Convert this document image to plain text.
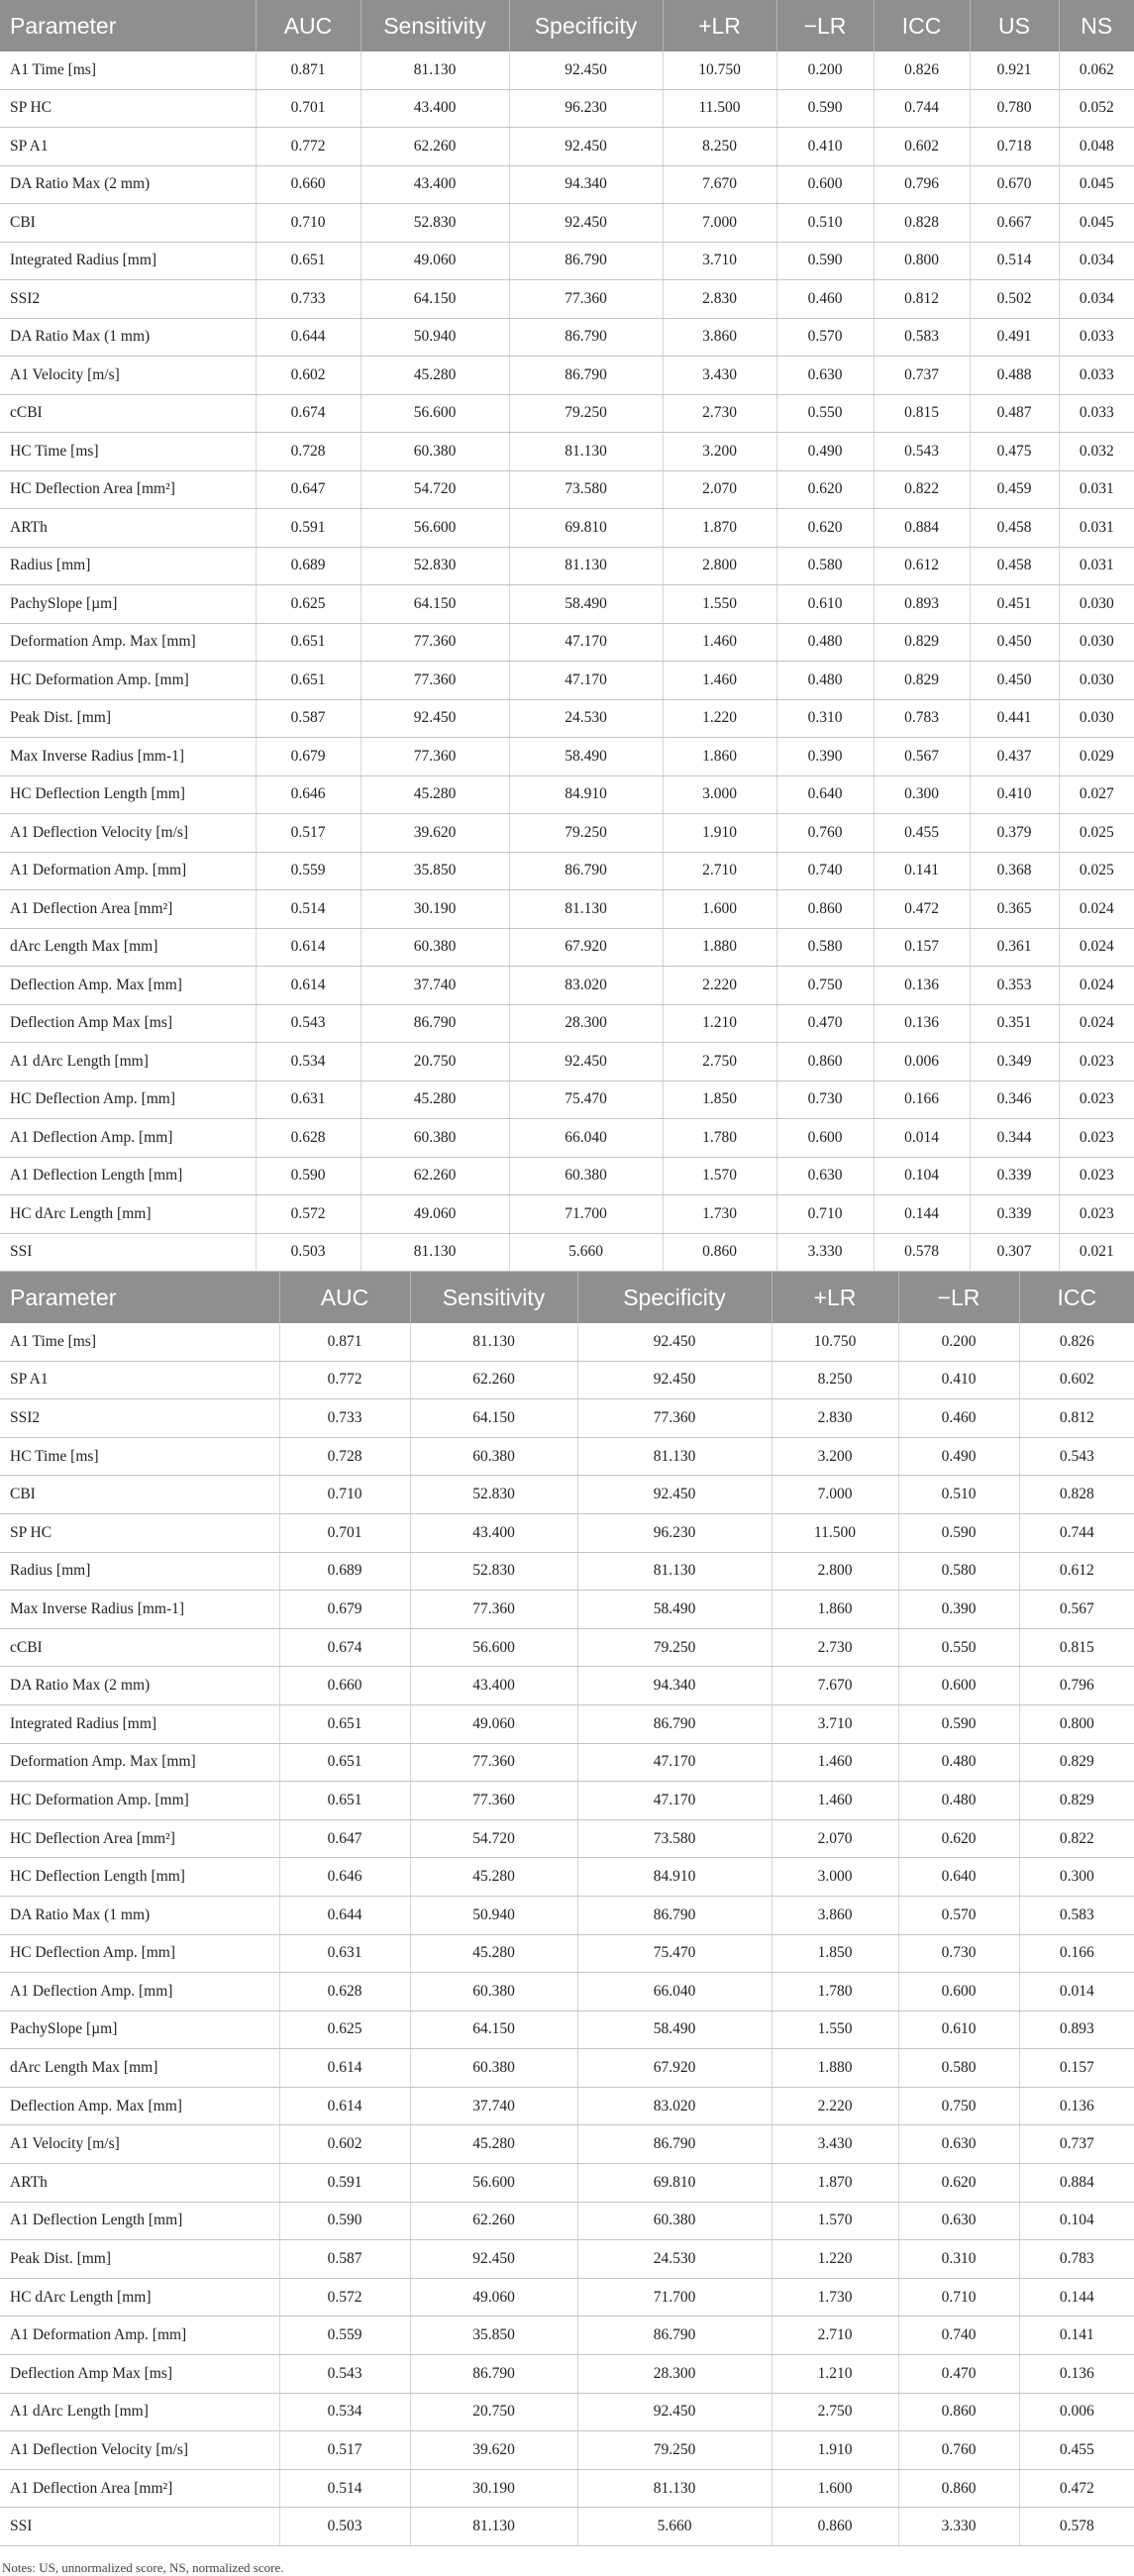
Parameter	AUC	Sensitivity	Specificity	+LR	−LR	ICC	US	NS
A1 Time [ms]	0.871	81.130	92.450	10.750	0.200	0.826	0.921	0.062
SP HC	0.701	43.400	96.230	11.500	0.590	0.744	0.780	0.052
SP A1	0.772	62.260	92.450	8.250	0.410	0.602	0.718	0.048
DA Ratio Max (2 mm)	0.660	43.400	94.340	7.670	0.600	0.796	0.670	0.045
CBI	0.710	52.830	92.450	7.000	0.510	0.828	0.667	0.045
Integrated Radius [mm]	0.651	49.060	86.790	3.710	0.590	0.800	0.514	0.034
SSI2	0.733	64.150	77.360	2.830	0.460	0.812	0.502	0.034
DA Ratio Max (1 mm)	0.644	50.940	86.790	3.860	0.570	0.583	0.491	0.033
A1 Velocity [m/s]	0.602	45.280	86.790	3.430	0.630	0.737	0.488	0.033
cCBI	0.674	56.600	79.250	2.730	0.550	0.815	0.487	0.033
HC Time [ms]	0.728	60.380	81.130	3.200	0.490	0.543	0.475	0.032
HC Deflection Area [mm²]	0.647	54.720	73.580	2.070	0.620	0.822	0.459	0.031
ARTh	0.591	56.600	69.810	1.870	0.620	0.884	0.458	0.031
Radius [mm]	0.689	52.830	81.130	2.800	0.580	0.612	0.458	0.031
PachySlope [µm]	0.625	64.150	58.490	1.550	0.610	0.893	0.451	0.030
Deformation Amp. Max [mm]	0.651	77.360	47.170	1.460	0.480	0.829	0.450	0.030
HC Deformation Amp. [mm]	0.651	77.360	47.170	1.460	0.480	0.829	0.450	0.030
Peak Dist. [mm]	0.587	92.450	24.530	1.220	0.310	0.783	0.441	0.030
Max Inverse Radius [mm-1]	0.679	77.360	58.490	1.860	0.390	0.567	0.437	0.029
HC Deflection Length [mm]	0.646	45.280	84.910	3.000	0.640	0.300	0.410	0.027
A1 Deflection Velocity [m/s]	0.517	39.620	79.250	1.910	0.760	0.455	0.379	0.025
A1 Deformation Amp. [mm]	0.559	35.850	86.790	2.710	0.740	0.141	0.368	0.025
A1 Deflection Area [mm²]	0.514	30.190	81.130	1.600	0.860	0.472	0.365	0.024
dArc Length Max [mm]	0.614	60.380	67.920	1.880	0.580	0.157	0.361	0.024
Deflection Amp. Max [mm]	0.614	37.740	83.020	2.220	0.750	0.136	0.353	0.024
Deflection Amp Max [ms]	0.543	86.790	28.300	1.210	0.470	0.136	0.351	0.024
A1 dArc Length [mm]	0.534	20.750	92.450	2.750	0.860	0.006	0.349	0.023
HC Deflection Amp. [mm]	0.631	45.280	75.470	1.850	0.730	0.166	0.346	0.023
A1 Deflection Amp. [mm]	0.628	60.380	66.040	1.780	0.600	0.014	0.344	0.023
A1 Deflection Length [mm]	0.590	62.260	60.380	1.570	0.630	0.104	0.339	0.023
HC dArc Length [mm]	0.572	49.060	71.700	1.730	0.710	0.144	0.339	0.023
SSI	0.503	81.130	5.660	0.860	3.330	0.578	0.307	0.021
Parameter	AUC	Sensitivity	Specificity	+LR	−LR	ICC
A1 Time [ms]	0.871	81.130	92.450	10.750	0.200	0.826
SP A1	0.772	62.260	92.450	8.250	0.410	0.602
SSI2	0.733	64.150	77.360	2.830	0.460	0.812
HC Time [ms]	0.728	60.380	81.130	3.200	0.490	0.543
CBI	0.710	52.830	92.450	7.000	0.510	0.828
SP HC	0.701	43.400	96.230	11.500	0.590	0.744
Radius [mm]	0.689	52.830	81.130	2.800	0.580	0.612
Max Inverse Radius [mm-1]	0.679	77.360	58.490	1.860	0.390	0.567
cCBI	0.674	56.600	79.250	2.730	0.550	0.815
DA Ratio Max (2 mm)	0.660	43.400	94.340	7.670	0.600	0.796
Integrated Radius [mm]	0.651	49.060	86.790	3.710	0.590	0.800
Deformation Amp. Max [mm]	0.651	77.360	47.170	1.460	0.480	0.829
HC Deformation Amp. [mm]	0.651	77.360	47.170	1.460	0.480	0.829
HC Deflection Area [mm²]	0.647	54.720	73.580	2.070	0.620	0.822
HC Deflection Length [mm]	0.646	45.280	84.910	3.000	0.640	0.300
DA Ratio Max (1 mm)	0.644	50.940	86.790	3.860	0.570	0.583
HC Deflection Amp. [mm]	0.631	45.280	75.470	1.850	0.730	0.166
A1 Deflection Amp. [mm]	0.628	60.380	66.040	1.780	0.600	0.014
PachySlope [µm]	0.625	64.150	58.490	1.550	0.610	0.893
dArc Length Max [mm]	0.614	60.380	67.920	1.880	0.580	0.157
Deflection Amp. Max [mm]	0.614	37.740	83.020	2.220	0.750	0.136
A1 Velocity [m/s]	0.602	45.280	86.790	3.430	0.630	0.737
ARTh	0.591	56.600	69.810	1.870	0.620	0.884
A1 Deflection Length [mm]	0.590	62.260	60.380	1.570	0.630	0.104
Peak Dist. [mm]	0.587	92.450	24.530	1.220	0.310	0.783
HC dArc Length [mm]	0.572	49.060	71.700	1.730	0.710	0.144
A1 Deformation Amp. [mm]	0.559	35.850	86.790	2.710	0.740	0.141
Deflection Amp Max [ms]	0.543	86.790	28.300	1.210	0.470	0.136
A1 dArc Length [mm]	0.534	20.750	92.450	2.750	0.860	0.006
A1 Deflection Velocity [m/s]	0.517	39.620	79.250	1.910	0.760	0.455
A1 Deflection Area [mm²]	0.514	30.190	81.130	1.600	0.860	0.472
SSI	0.503	81.130	5.660	0.860	3.330	0.578
Notes: US, unnormalized score, NS, normalized score.
